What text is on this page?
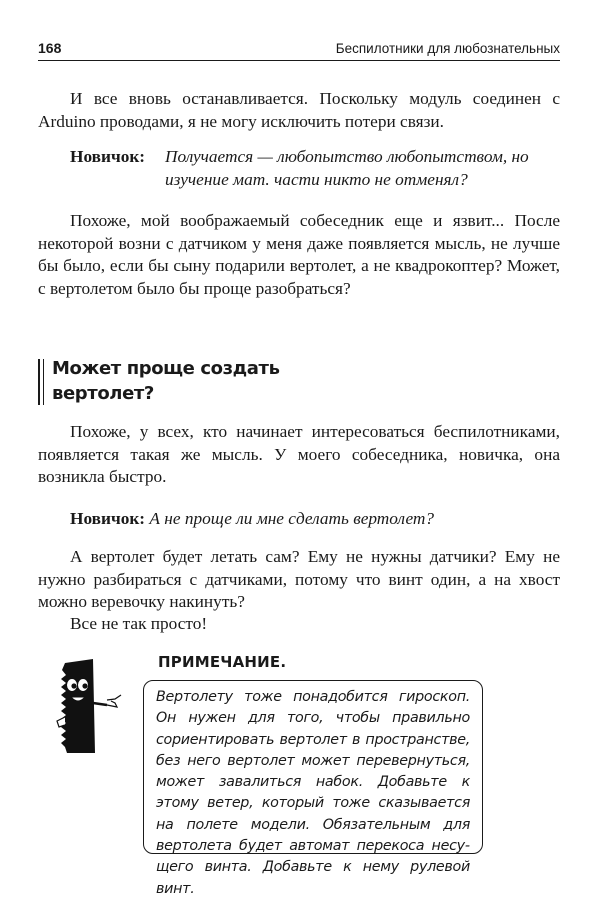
168	Беспилотники для любознательных

И все вновь останавливается. Поскольку модуль соединен с Arduino проводами, я не могу исключить потери связи.

Новичок: Получается — любопытство любопытством, но изучение мат. части никто не отменял?

Похоже, мой воображаемый собеседник еще и язвит... После некоторой возни с датчиком у меня даже появляется мысль, не лучше бы было, если бы сыну подарили вертолет, а не квадрокоптер? Может, с вертолетом было бы проще разобраться?

Может проще создать вертолет?

Похоже, у всех, кто начинает интересоваться беспилотниками, появляется такая же мысль. У моего собеседника, новичка, она возникла быстро.

Новичок: А не проще ли мне сделать вертолет?

А вертолет будет летать сам? Ему не нужны датчики? Ему не нужно разбираться с датчиками, потому что винт один, а на хвост можно веревочку накинуть?

Все не так просто!

ПРИМЕЧАНИЕ.

Вертолету тоже понадобится гироскоп. Он нужен для того, чтобы правильно сориентировать вертолет в пространстве, без него вертолет может перевернуться, может завалиться набок. Добавьте к этому ветер, который тоже сказывается на полете модели. Обязательным для вертолета будет автомат перекоса несущего винта. Добавьте к нему рулевой винт.
